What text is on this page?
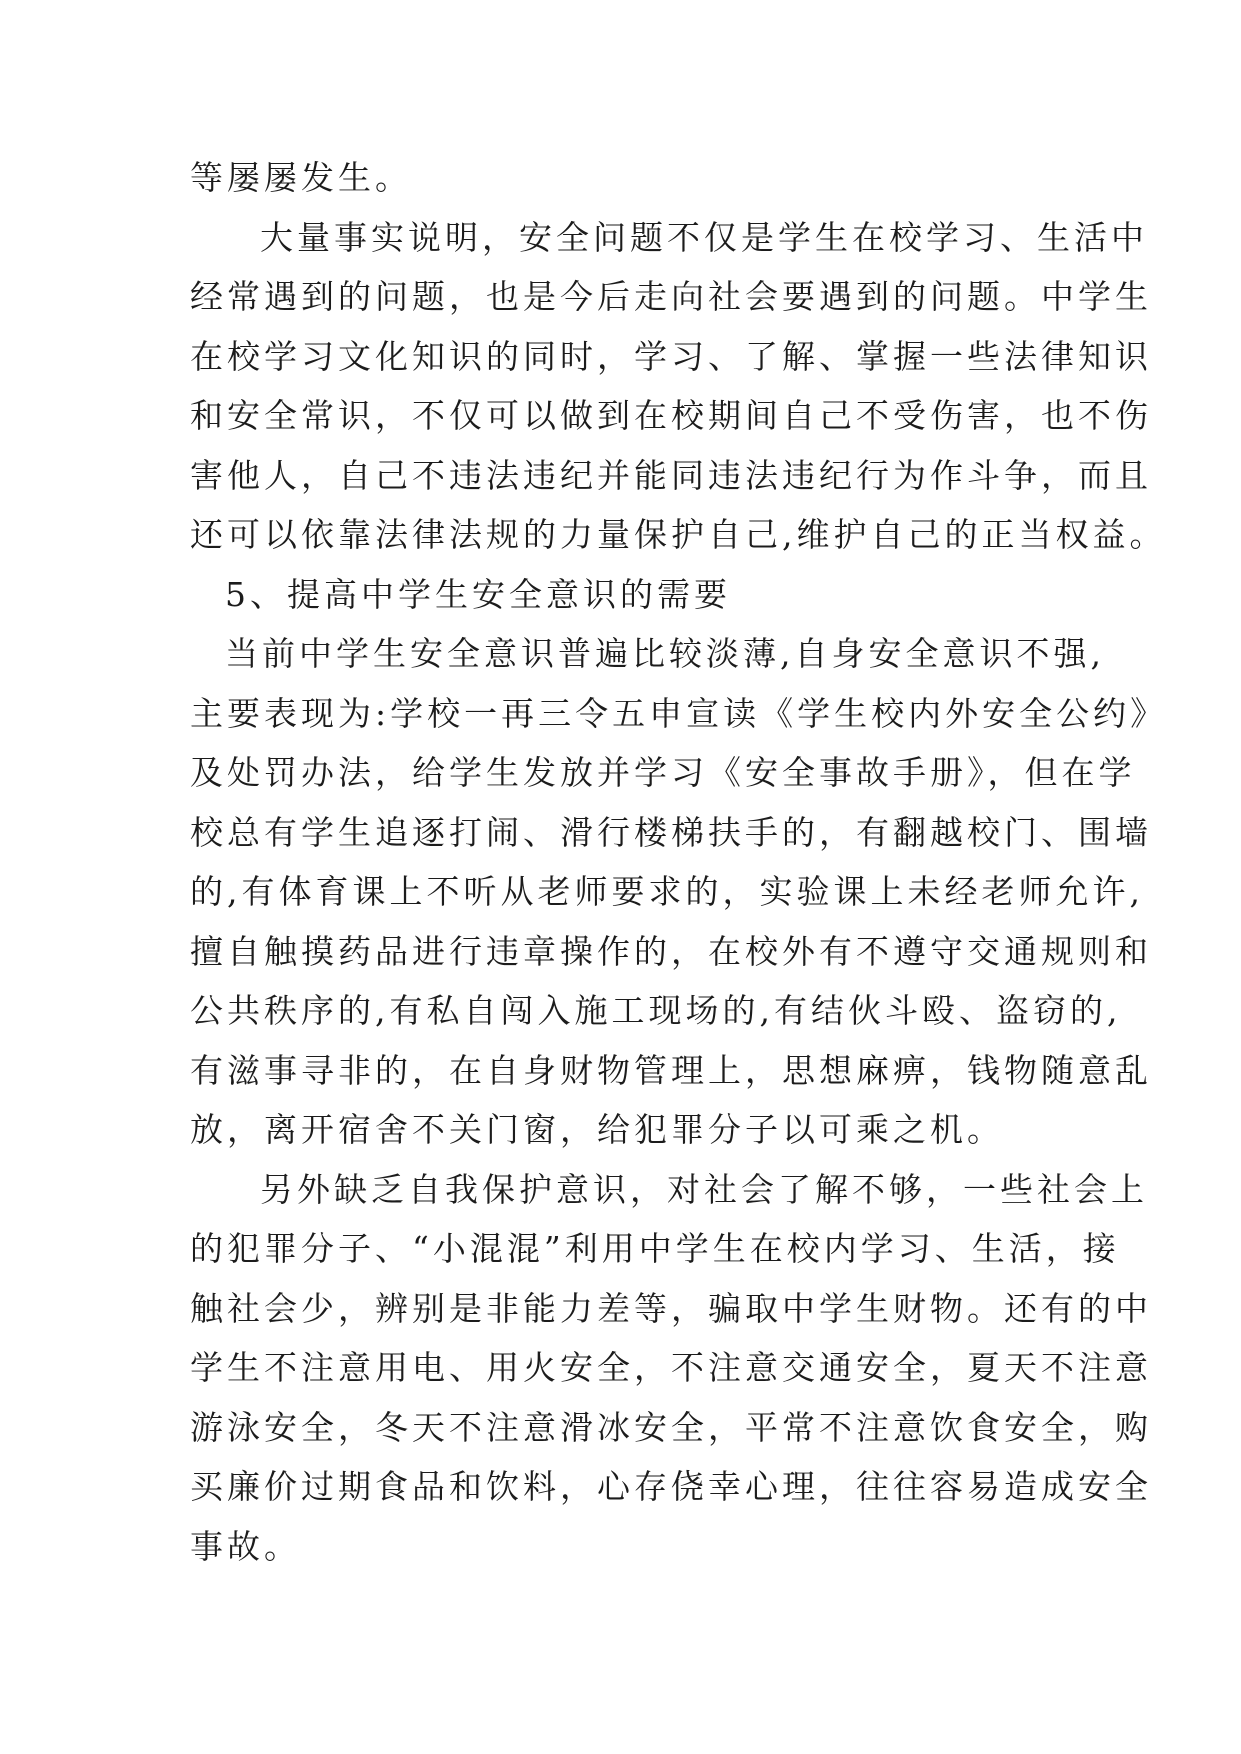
等屡屡发生。

大量事实说明，安全问题不仅是学生在校学习、生活中
经常遇到的问题，也是今后走向社会要遇到的问题。中学生
在校学习文化知识的同时，学习、了解、掌握一些法律知识
和安全常识，不仅可以做到在校期间自己不受伤害，也不伤
害他人，自己不违法违纪并能同违法违纪行为作斗争，而且
还可以依靠法律法规的力量保护自己,维护自己的正当权益。

5、提高中学生安全意识的需要

当前中学生安全意识普遍比较淡薄,自身安全意识不强,
主要表现为:学校一再三令五申宣读《学生校内外安全公约》
及处罚办法，给学生发放并学习《安全事故手册》，但在学
校总有学生追逐打闹、滑行楼梯扶手的，有翻越校门、围墙
的,有体育课上不听从老师要求的，实验课上未经老师允许,
擅自触摸药品进行违章操作的，在校外有不遵守交通规则和
公共秩序的,有私自闯入施工现场的,有结伙斗殴、盗窃的,
有滋事寻非的，在自身财物管理上，思想麻痹，钱物随意乱
放，离开宿舍不关门窗，给犯罪分子以可乘之机。

另外缺乏自我保护意识，对社会了解不够，一些社会上
的犯罪分子、“小混混”利用中学生在校内学习、生活，接
触社会少，辨别是非能力差等，骗取中学生财物。还有的中
学生不注意用电、用火安全，不注意交通安全，夏天不注意
游泳安全，冬天不注意滑冰安全，平常不注意饮食安全，购
买廉价过期食品和饮料，心存侥幸心理，往往容易造成安全
事故。
